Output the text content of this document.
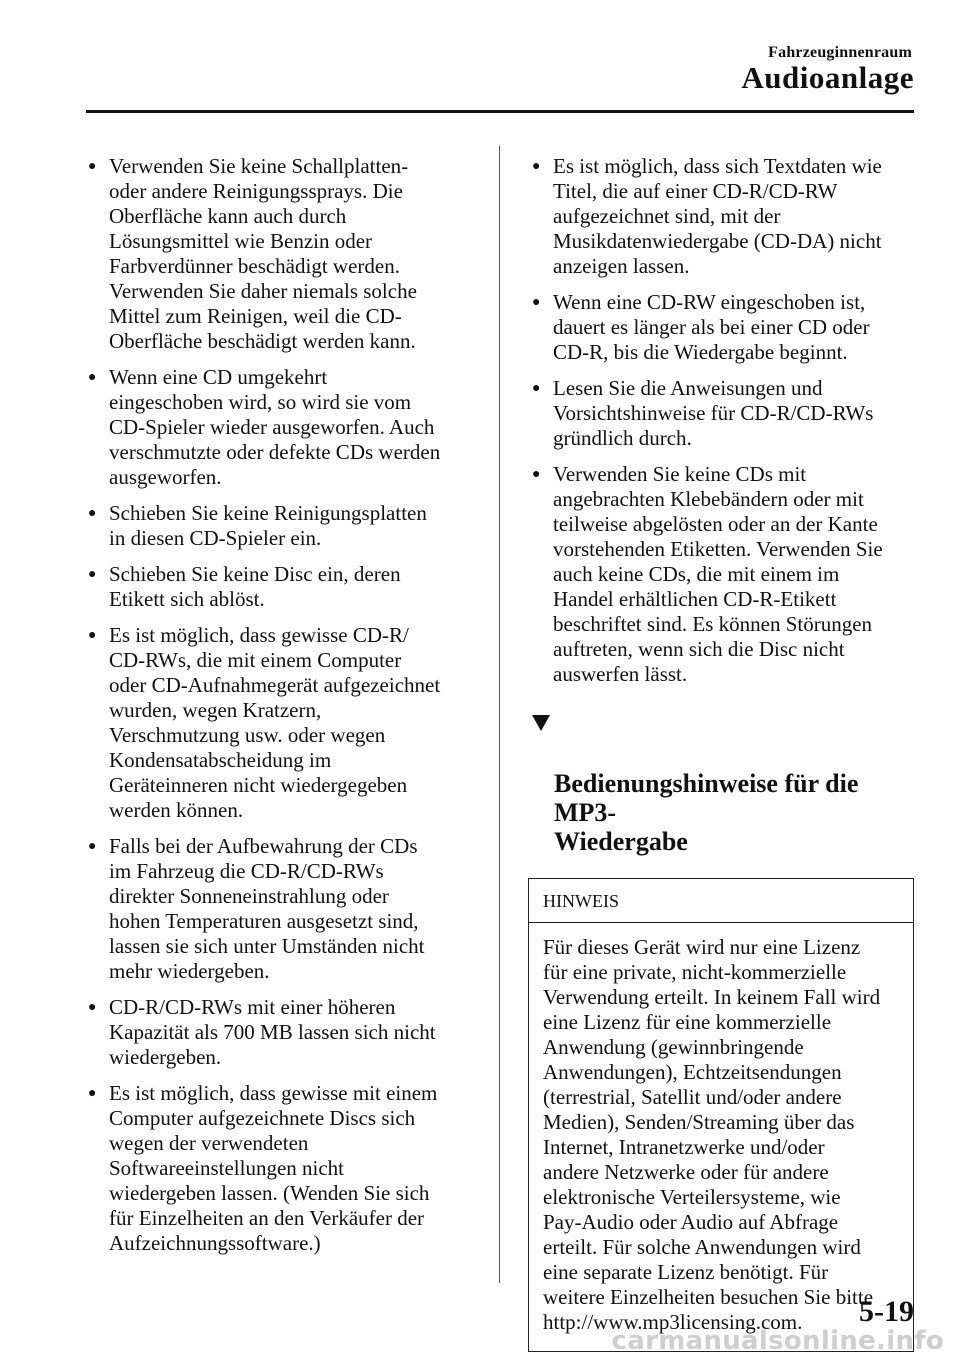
Fahrzeuginnenraum
Audioanlage
● Verwenden Sie keine Schallplatten-
oder andere Reinigungssprays. Die
Oberfläche kann auch durch
Lösungsmittel wie Benzin oder
Farbverdünner beschädigt werden.
Verwenden Sie daher niemals solche
Mittel zum Reinigen, weil die CD-
Oberfläche beschädigt werden kann.
● Wenn eine CD umgekehrt
eingeschoben wird, so wird sie vom
CD-Spieler wieder ausgeworfen. Auch
verschmutzte oder defekte CDs werden
ausgeworfen.
● Schieben Sie keine Reinigungsplatten
in diesen CD-Spieler ein.
● Schieben Sie keine Disc ein, deren
Etikett sich ablöst.
● Es ist möglich, dass gewisse CD-R/
CD-RWs, die mit einem Computer
oder CD-Aufnahmegerät aufgezeichnet
wurden, wegen Kratzern,
Verschmutzung usw. oder wegen
Kondensatabscheidung im
Geräteinneren nicht wiedergegeben
werden können.
● Falls bei der Aufbewahrung der CDs
im Fahrzeug die CD-R/CD-RWs
direkter Sonneneinstrahlung oder
hohen Temperaturen ausgesetzt sind,
lassen sie sich unter Umständen nicht
mehr wiedergeben.
● CD-R/CD-RWs mit einer höheren
Kapazität als 700 MB lassen sich nicht
wiedergeben.
● Es ist möglich, dass gewisse mit einem
Computer aufgezeichnete Discs sich
wegen der verwendeten
Softwareeinstellungen nicht
wiedergeben lassen. (Wenden Sie sich
für Einzelheiten an den Verkäufer der
Aufzeichnungssoftware.)
● Es ist möglich, dass sich Textdaten wie
Titel, die auf einer CD-R/CD-RW
aufgezeichnet sind, mit der
Musikdatenwiedergabe (CD-DA) nicht
anzeigen lassen.
● Wenn eine CD-RW eingeschoben ist,
dauert es länger als bei einer CD oder
CD-R, bis die Wiedergabe beginnt.
● Lesen Sie die Anweisungen und
Vorsichtshinweise für CD-R/CD-RWs
gründlich durch.
● Verwenden Sie keine CDs mit
angebrachten Klebebändern oder mit
teilweise abgelösten oder an der Kante
vorstehenden Etiketten. Verwenden Sie
auch keine CDs, die mit einem im
Handel erhältlichen CD-R-Etikett
beschriftet sind. Es können Störungen
auftreten, wenn sich die Disc nicht
auswerfen lässt.

Bedienungshinweise für die MP3-
Wiedergabe

HINWEIS
Für dieses Gerät wird nur eine Lizenz
für eine private, nicht-kommerzielle
Verwendung erteilt. In keinem Fall wird
eine Lizenz für eine kommerzielle
Anwendung (gewinnbringende
Anwendungen), Echtzeitsendungen
(terrestrial, Satellit und/oder andere
Medien), Senden/Streaming über das
Internet, Intranetzwerke und/oder
andere Netzwerke oder für andere
elektronische Verteilersysteme, wie
Pay-Audio oder Audio auf Abfrage
erteilt. Für solche Anwendungen wird
eine separate Lizenz benötigt. Für
weitere Einzelheiten besuchen Sie bitte
http://www.mp3licensing.com.	5-19
carmanualsonline.info
